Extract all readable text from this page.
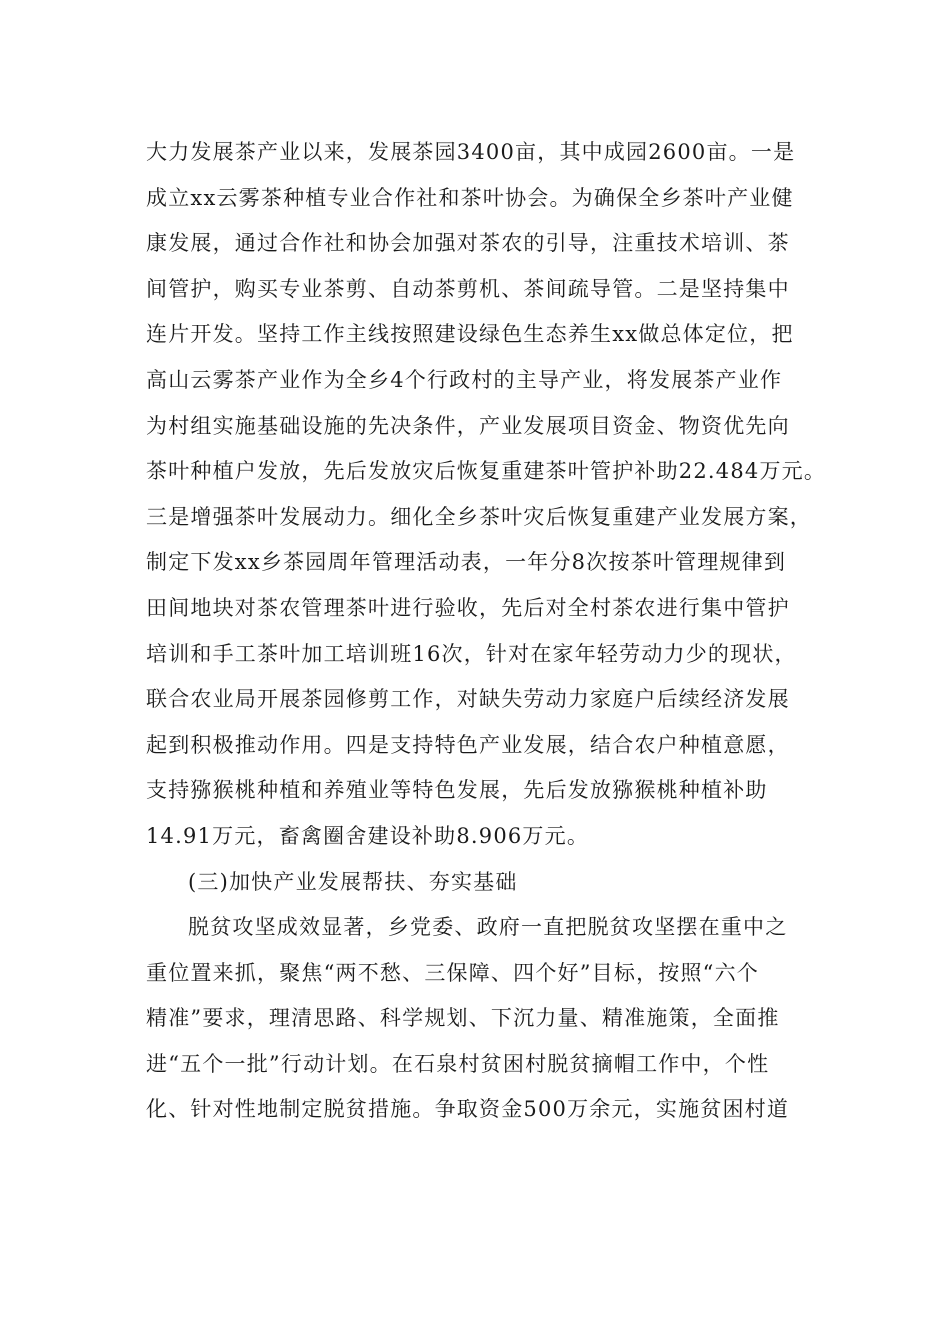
大力发展茶产业以来，发展茶园3400亩，其中成园2600亩。一是
成立xx云雾茶种植专业合作社和茶叶协会。为确保全乡茶叶产业健
康发展，通过合作社和协会加强对茶农的引导，注重技术培训、茶
间管护，购买专业茶剪、自动茶剪机、茶间疏导管。二是坚持集中
连片开发。坚持工作主线按照建设绿色生态养生xx做总体定位，把
高山云雾茶产业作为全乡4个行政村的主导产业，将发展茶产业作
为村组实施基础设施的先决条件，产业发展项目资金、物资优先向
茶叶种植户发放，先后发放灾后恢复重建茶叶管护补助22.484万元。
三是增强茶叶发展动力。细化全乡茶叶灾后恢复重建产业发展方案，
制定下发xx乡茶园周年管理活动表，一年分8次按茶叶管理规律到
田间地块对茶农管理茶叶进行验收，先后对全村茶农进行集中管护
培训和手工茶叶加工培训班16次，针对在家年轻劳动力少的现状，
联合农业局开展茶园修剪工作，对缺失劳动力家庭户后续经济发展
起到积极推动作用。四是支持特色产业发展，结合农户种植意愿，
支持猕猴桃种植和养殖业等特色发展，先后发放猕猴桃种植补助
14.91万元，畜禽圈舍建设补助8.906万元。
(三)加快产业发展帮扶、夯实基础
脱贫攻坚成效显著，乡党委、政府一直把脱贫攻坚摆在重中之
重位置来抓，聚焦“两不愁、三保障、四个好”目标，按照“六个
精准”要求，理清思路、科学规划、下沉力量、精准施策，全面推
进“五个一批”行动计划。在石泉村贫困村脱贫摘帽工作中，个性
化、针对性地制定脱贫措施。争取资金500万余元，实施贫困村道
